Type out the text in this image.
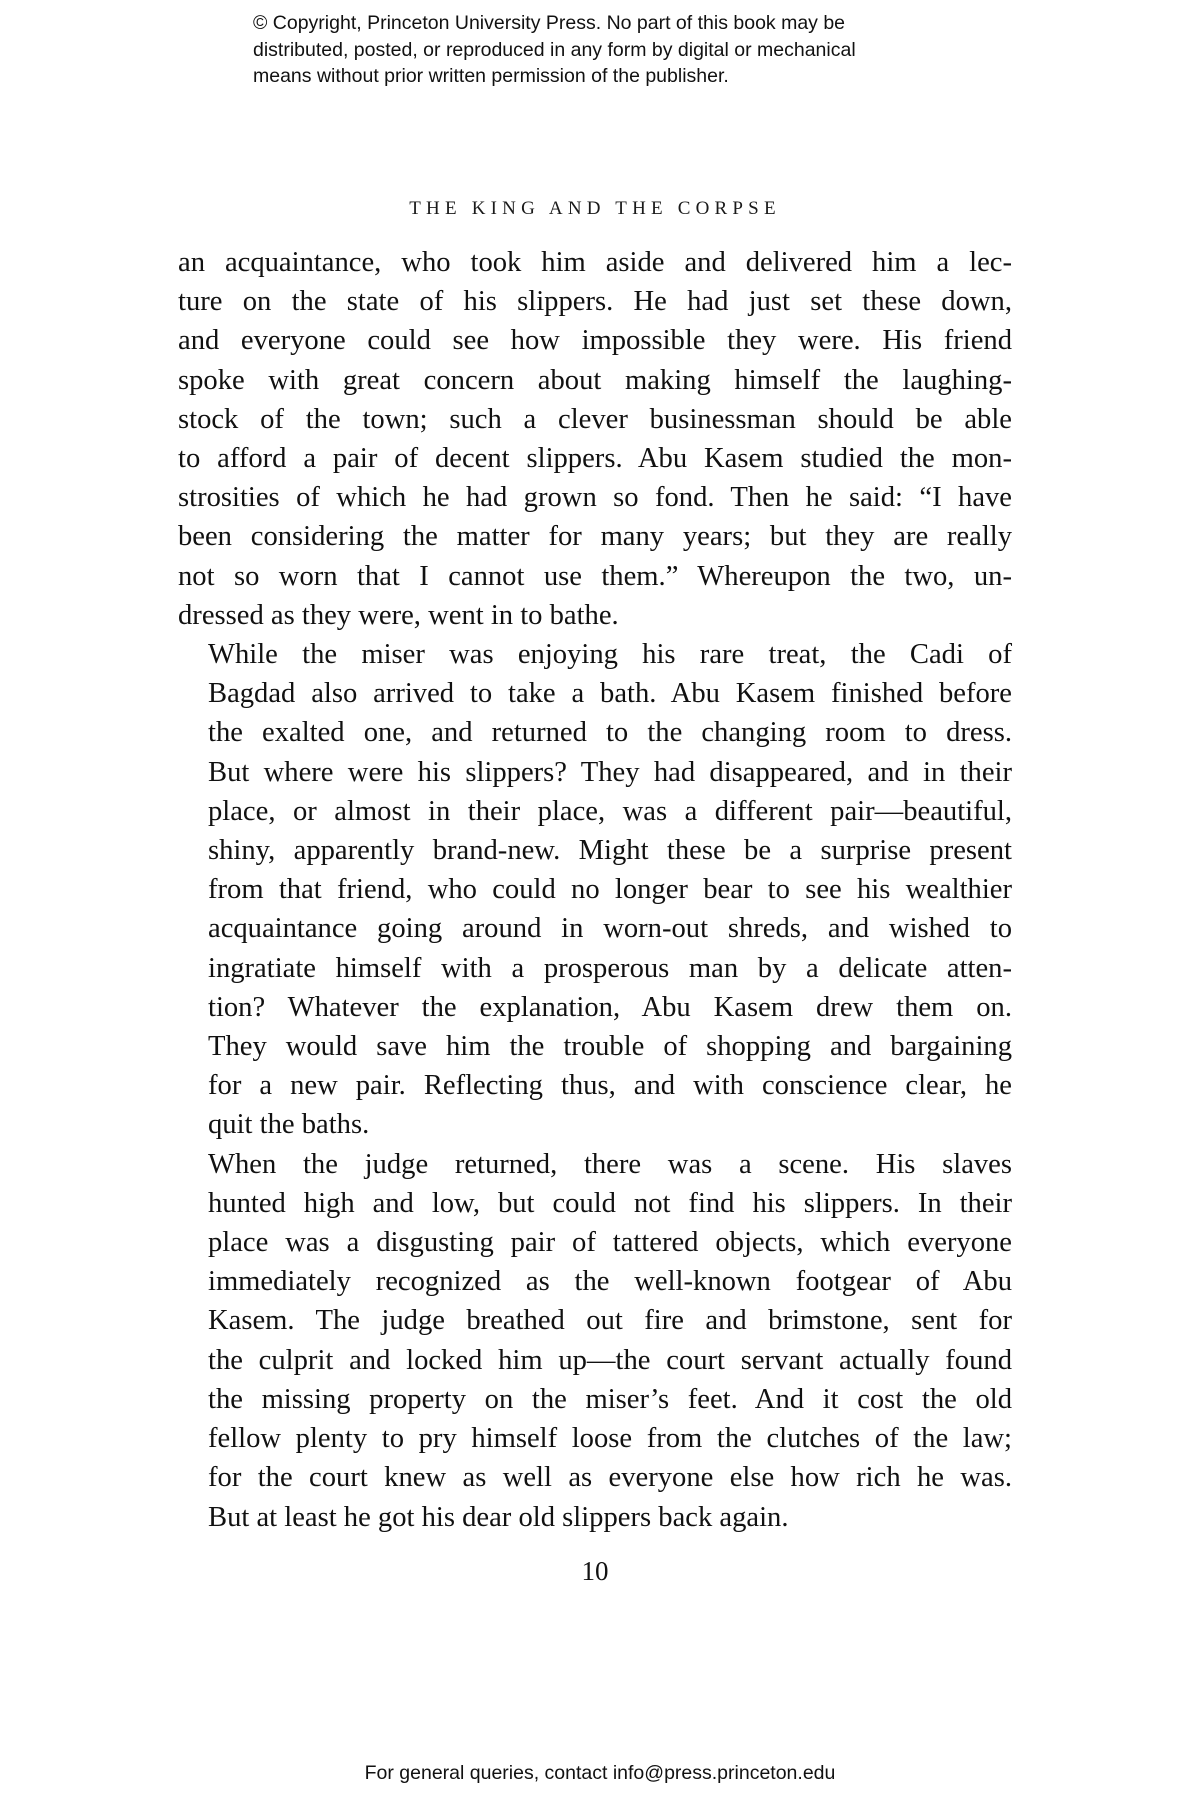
© Copyright, Princeton University Press. No part of this book may be
distributed, posted, or reproduced in any form by digital or mechanical
means without prior written permission of the publisher.
THE KING AND THE CORPSE
an acquaintance, who took him aside and delivered him a lec-
ture on the state of his slippers. He had just set these down,
and everyone could see how impossible they were. His friend
spoke with great concern about making himself the laughing-
stock of the town; such a clever businessman should be able
to afford a pair of decent slippers. Abu Kasem studied the mon-
strosities of which he had grown so fond. Then he said: “I have
been considering the matter for many years; but they are really
not so worn that I cannot use them.” Whereupon the two, un-
dressed as they were, went in to bathe.
While the miser was enjoying his rare treat, the Cadi of
Bagdad also arrived to take a bath. Abu Kasem finished before
the exalted one, and returned to the changing room to dress.
But where were his slippers? They had disappeared, and in their
place, or almost in their place, was a different pair—beautiful,
shiny, apparently brand-new. Might these be a surprise present
from that friend, who could no longer bear to see his wealthier
acquaintance going around in worn-out shreds, and wished to
ingratiate himself with a prosperous man by a delicate atten-
tion? Whatever the explanation, Abu Kasem drew them on.
They would save him the trouble of shopping and bargaining
for a new pair. Reflecting thus, and with conscience clear, he
quit the baths.
When the judge returned, there was a scene. His slaves
hunted high and low, but could not find his slippers. In their
place was a disgusting pair of tattered objects, which everyone
immediately recognized as the well-known footgear of Abu
Kasem. The judge breathed out fire and brimstone, sent for
the culprit and locked him up—the court servant actually found
the missing property on the miser’s feet. And it cost the old
fellow plenty to pry himself loose from the clutches of the law;
for the court knew as well as everyone else how rich he was.
But at least he got his dear old slippers back again.
10
For general queries, contact info@press.princeton.edu
